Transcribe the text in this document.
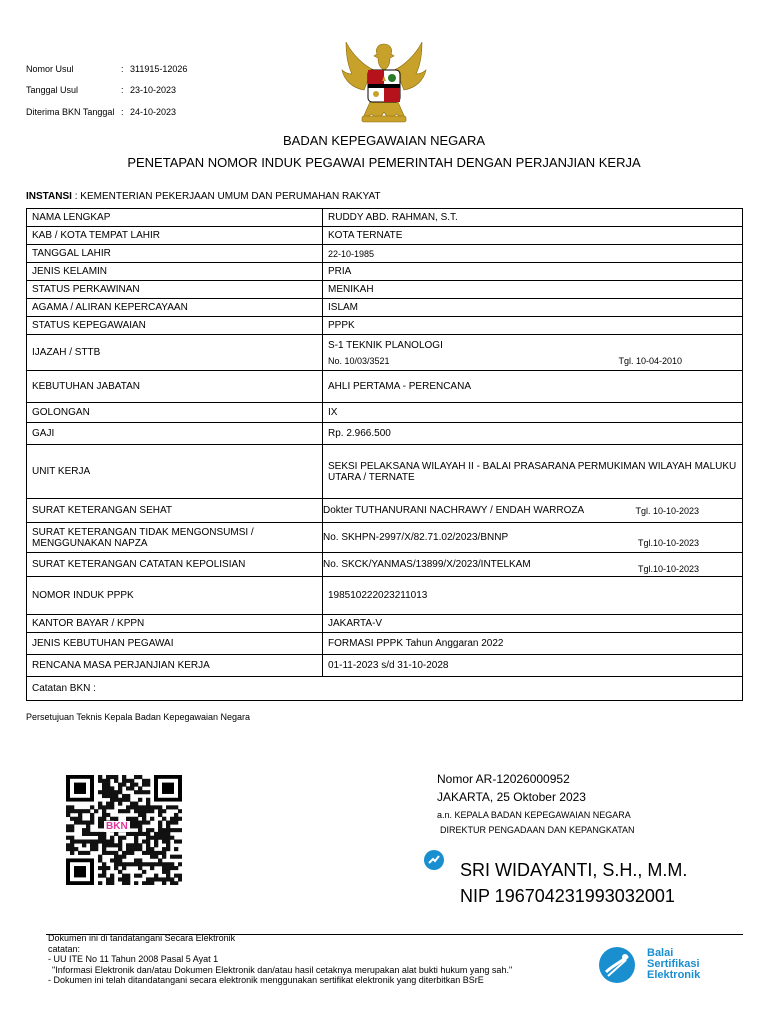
Nomor Usul	: 311915-12026
Tanggal Usul	: 23-10-2023
Diterima BKN Tanggal : 24-10-2023
BADAN KEPEGAWAIAN NEGARA
PENETAPAN NOMOR INDUK PEGAWAI PEMERINTAH DENGAN PERJANJIAN KERJA
INSTANSI : KEMENTERIAN PEKERJAAN UMUM DAN PERUMAHAN RAKYAT
NAMA LENGKAP	RUDDY ABD. RAHMAN, S.T.
KAB / KOTA TEMPAT LAHIR	KOTA TERNATE
TANGGAL LAHIR	22-10-1985
JENIS KELAMIN	PRIA
STATUS PERKAWINAN	MENIKAH
AGAMA / ALIRAN KEPERCAYAAN	ISLAM
STATUS KEPEGAWAIAN	PPPK
IJAZAH / STTB	S-1 TEKNIK PLANOLOGI
No. 10/03/3521 Tgl. 10-04-2010

KEBUTUHAN JABATAN	AHLI PERTAMA - PERENCANA
GOLONGAN	IX
GAJI	Rp. 2.966.500
UNIT KERJA	SEKSI PELAKSANA WILAYAH II - BALAI PRASARANA PERMUKIMAN WILAYAH MALUKU UTARA / TERNATE
SURAT KETERANGAN SEHAT	Dokter TUTHANURANI NACHRAWY / ENDAH WARROZA Tgl. 10-10-2023

SURAT KETERANGAN TIDAK MENGONSUMSI / MENGGUNAKAN NAPZA	No. SKHPN-2997/X/82.71.02/2023/BNNP Tgl.10-10-2023

SURAT KETERANGAN CATATAN KEPOLISIAN	No. SKCK/YANMAS/13899/X/2023/INTELKAM Tgl.10-10-2023

NOMOR INDUK PPPK	198510222023211013
KANTOR BAYAR / KPPN	JAKARTA-V
JENIS KEBUTUHAN PEGAWAI	FORMASI PPPK Tahun Anggaran 2022
RENCANA MASA PERJANJIAN KERJA	01-11-2023 s/d 31-10-2028
Catatan BKN :	
Persetujuan Teknis Kepala Badan Kepegawaian Negara
BKN
Nomor AR-12026000952
JAKARTA, 25 Oktober 2023
a.n. KEPALA BADAN KEPEGAWAIAN NEGARA
DIREKTUR PENGADAAN DAN KEPANGKATAN
SRI WIDAYANTI, S.H., M.M.
NIP 196704231993032001
Dokumen ini di tandatangani Secara Elektronik
catatan:
- UU ITE No 11 Tahun 2008 Pasal 5 Ayat 1
"Informasi Elektronik dan/atau Dokumen Elektronik dan/atau hasil cetaknya merupakan alat bukti hukum yang sah."
- Dokumen ini telah ditandatangani secara elektronik menggunakan sertifikat elektronik yang diterbitkan BSrE
Balai
Sertifikasi
Elektronik
